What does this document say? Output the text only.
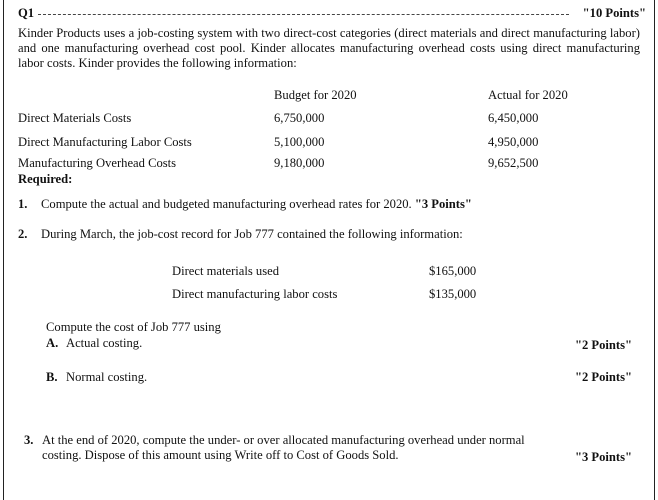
Q1	"10 Points"
Kinder Products uses a job-costing system with two direct-cost categories (direct materials and direct manufacturing labor) and one manufacturing overhead cost pool. Kinder allocates manufacturing overhead costs using direct manufacturing labor costs. Kinder provides the following information:
Budget for 2020	Actual for 2020
Direct Materials Costs	6,750,000	6,450,000
Direct Manufacturing Labor Costs	5,100,000	4,950,000
Manufacturing Overhead Costs	9,180,000	9,652,500
Required:
1. Compute the actual and budgeted manufacturing overhead rates for 2020. "3 Points"
2. During March, the job-cost record for Job 777 contained the following information:
Direct materials used	$165,000
Direct manufacturing labor costs	$135,000
Compute the cost of Job 777 using
A. Actual costing.	"2 Points"
B. Normal costing.	"2 Points"
3. At the end of 2020, compute the under- or over allocated manufacturing overhead under normal
costing. Dispose of this amount using Write off to Cost of Goods Sold.	"3 Points"
